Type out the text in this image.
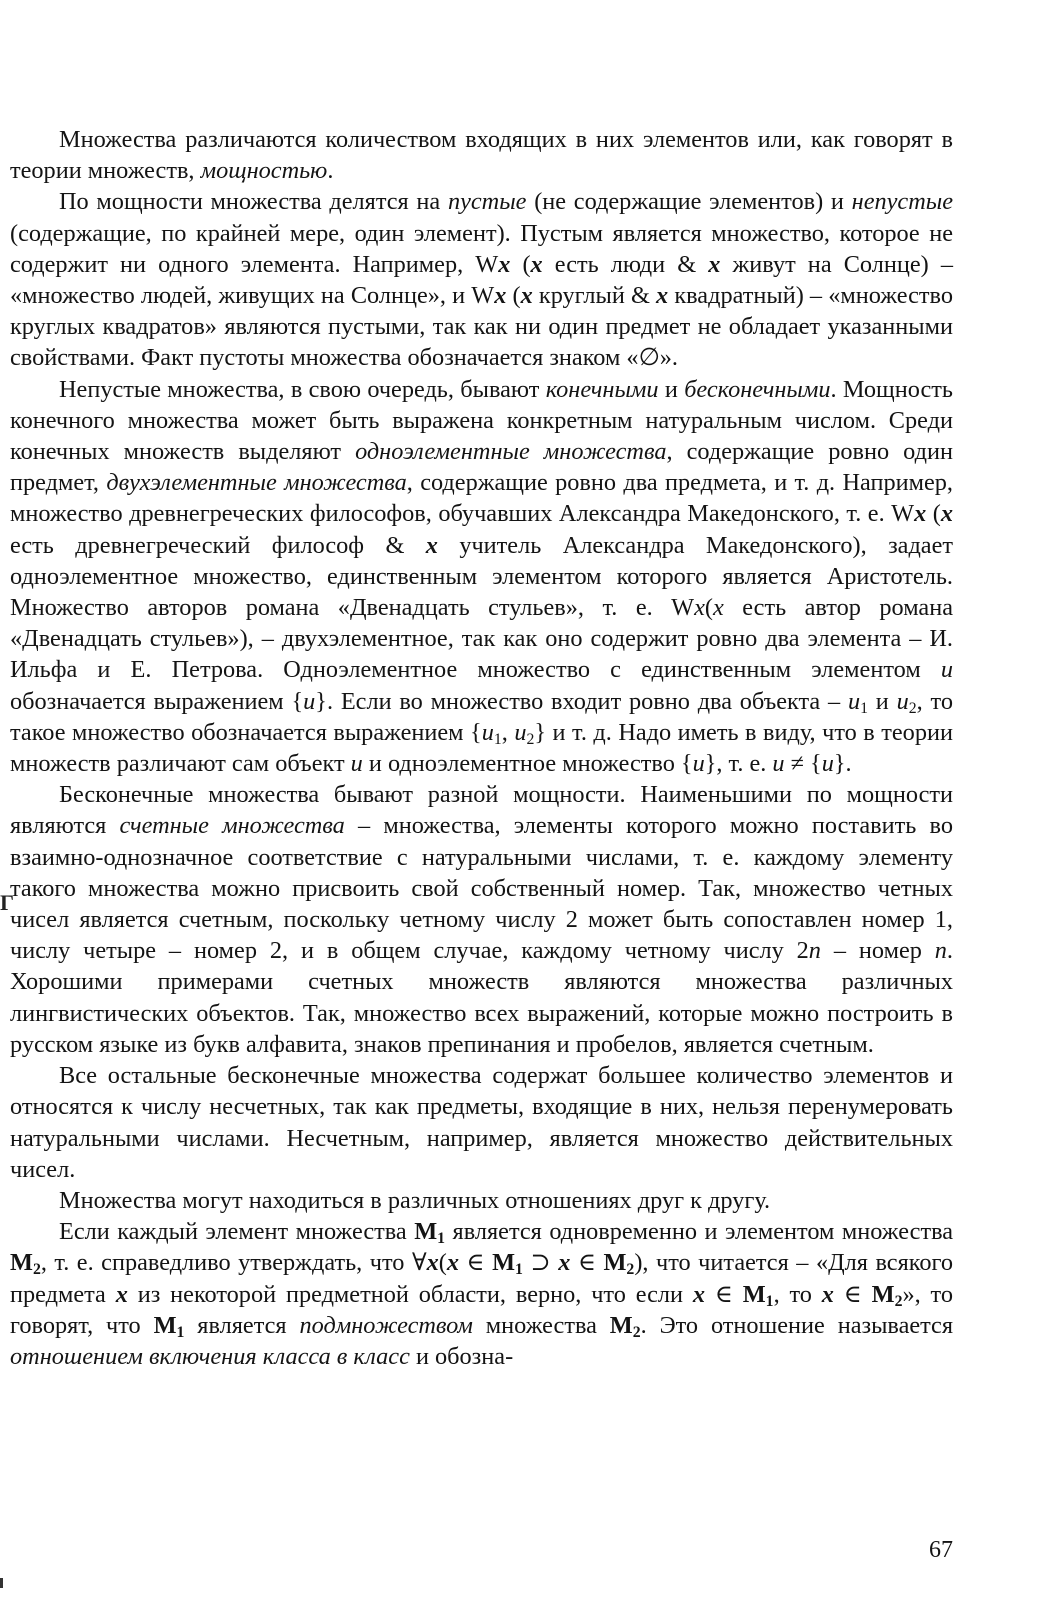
Множества различаются количеством входящих в них элементов или, как говорят в теории множеств, мощностью.

По мощности множества делятся на пустые (не содержащие элементов) и непустые (содержащие, по крайней мере, один элемент). Пустым является множество, которое не содержит ни одного элемента. Например, Wx (x есть люди & x живут на Солнце) – «множество людей, живущих на Солнце», и Wx (x круглый & x квадратный) – «множество круглых квадратов» являются пустыми, так как ни один предмет не обладает указанными свойствами. Факт пустоты множества обозначается знаком «∅».

Непустые множества, в свою очередь, бывают конечными и бесконечными. Мощность конечного множества может быть выражена конкретным натуральным числом. Среди конечных множеств выделяют одноэлементные множества, содержащие ровно один предмет, двухэлементные множества, содержащие ровно два предмета, и т. д. Например, множество древнегреческих философов, обучавших Александра Македонского, т. е. Wx (x есть древнегреческий философ & x учитель Александра Македонского), задает одноэлементное множество, единственным элементом которого является Аристотель. Множество авторов романа «Двенадцать стульев», т. е. Wx(x есть автор романа «Двенадцать стульев»), – двухэлементное, так как оно содержит ровно два элемента – И. Ильфа и Е. Петрова. Одноэлементное множество с единственным элементом u обозначается выражением {u}. Если во множество входит ровно два объекта – $u_1$ и $u_2$, то такое множество обозначается выражением {$u_1$, $u_2$} и т. д. Надо иметь в виду, что в теории множеств различают сам объект u и одноэлементное множество {u}, т. е. u ≠ {u}.

Бесконечные множества бывают разной мощности. Наименьшими по мощности являются счетные множества – множества, элементы которого можно поставить во взаимно-однозначное соответствие с натуральными числами, т. е. каждому элементу такого множества можно присвоить свой собственный номер. Так, множество четных чисел является счетным, поскольку четному числу 2 может быть сопоставлен номер 1, числу четыре – номер 2, и в общем случае, каждому четному числу 2n – номер n. Хорошими примерами счетных множеств являются множества различных лингвистических объектов. Так, множество всех выражений, которые можно построить в русском языке из букв алфавита, знаков препинания и пробелов, является счетным.

Все остальные бесконечные множества содержат большее количество элементов и относятся к числу несчетных, так как предметы, входящие в них, нельзя перенумеровать натуральными числами. Несчетным, например, является множество действительных чисел.

Множества могут находиться в различных отношениях друг к другу.

Если каждый элемент множества $M_1$ является одновременно и элементом множества $M_2$, т. е. справедливо утверждать, что ∀x(x ∈ $M_1$ ⊃ x ∈ $M_2$), что читается – «Для всякого предмета x из некоторой предметной области, верно, что если x ∈ $M_1$, то x ∈ $M_2$», то говорят, что $M_1$ является подмножеством множества $M_2$. Это отношение называется отношением включения класса в класс и обозна-

Г
67
